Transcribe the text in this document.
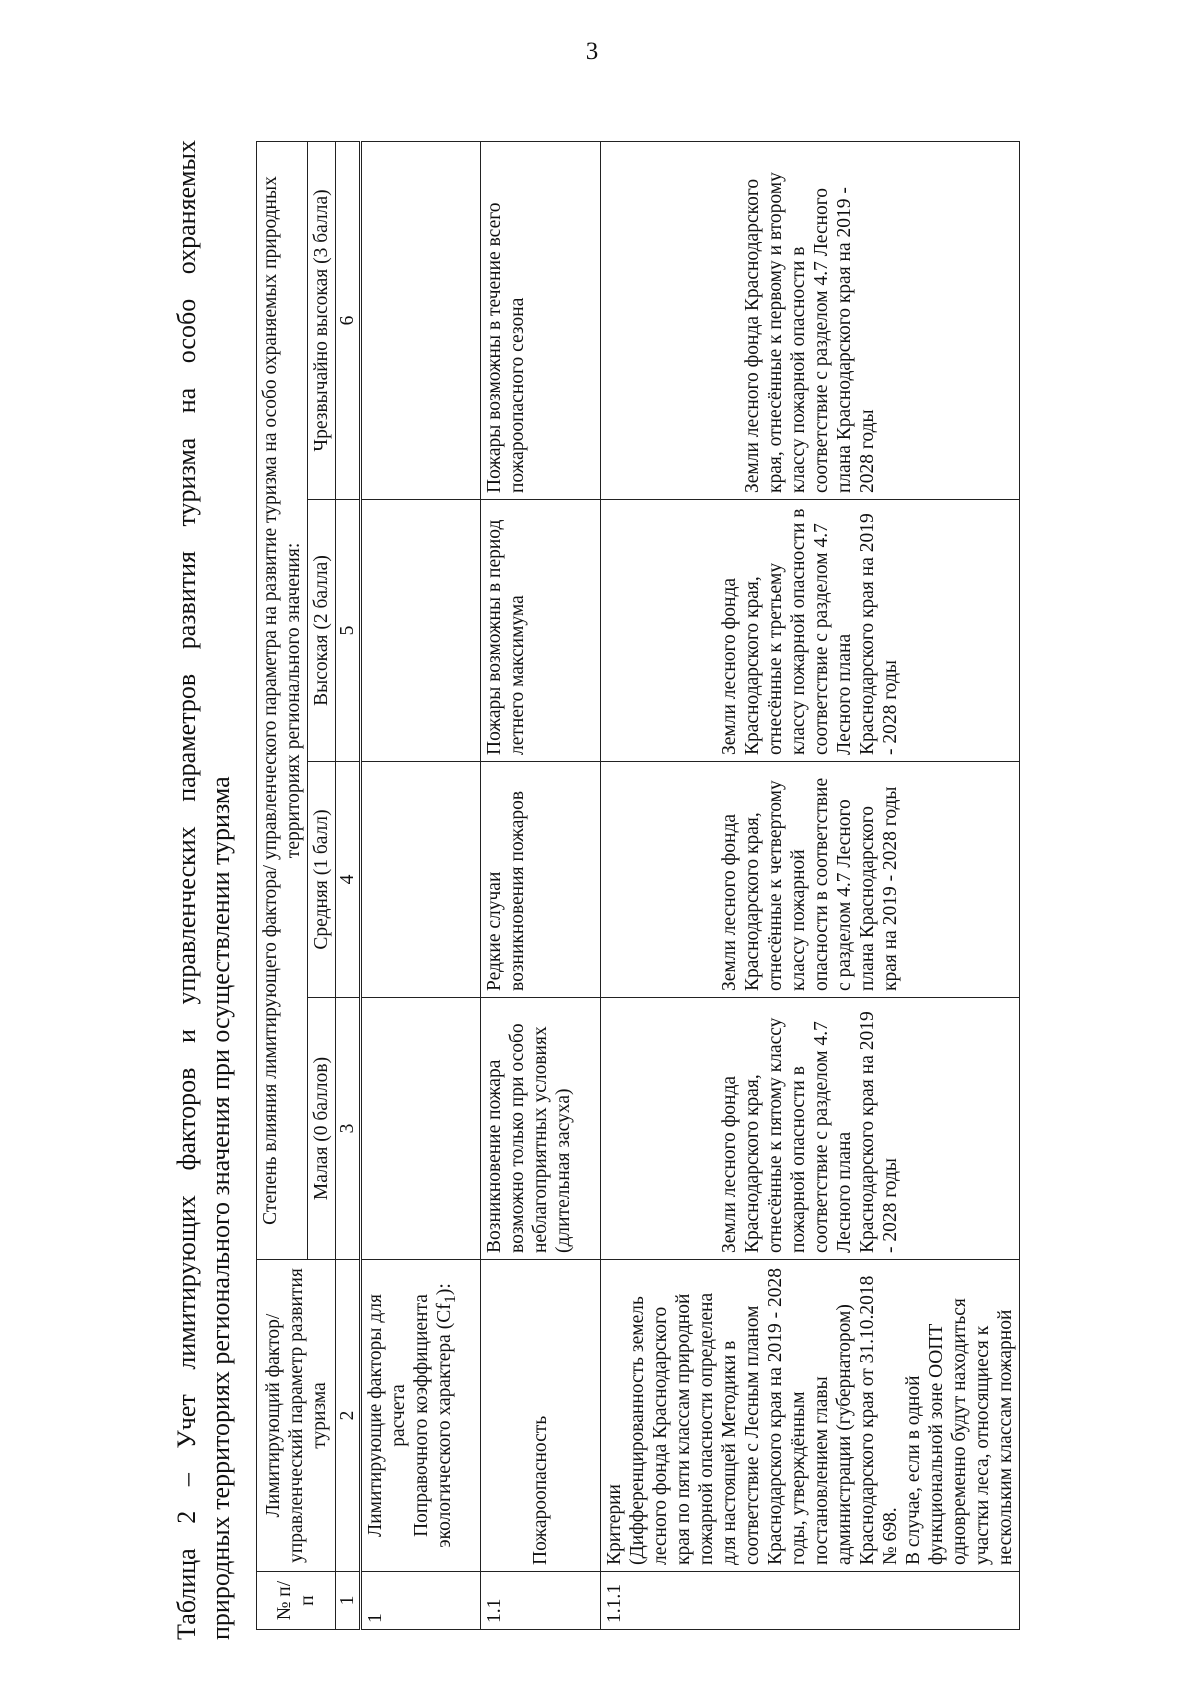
3
Таблица 2 – Учет лимитирующих факторов и управленческих параметров развития туризма на особо охраняемых природных территориях регионального значения при осуществлении туризма № п/п	Лимитирующий фактор/управленческий параметр развития туризма	Степень влияния лимитирующего фактора/ управленческого параметра на развитие туризма на особо охраняемых природных территориях регионального значения:			
		Малая (0 баллов)	Средняя (1 балл)	Высокая (2 балла)	Чрезвычайно высокая (3 балла)
1	2	3	4	5	6
1	Лимитирующие факторы для расчета Поправочного коэффициента экологического характера $(Cf_1)$:				

1.1	Пожароопасность	Возникновение пожара возможно только при особо неблагоприятных условиях (длительная засуха)	Редкие случаи возникновения пожаров	Пожары возможны в период летнего максимума	Пожары возможны в течение всего пожароопасного сезона
1.1.1	Критерии (Дифференцированность земель лесного фонда Краснодарского края по пяти классам природной пожарной опасности определена для настоящей Методики в соответствие с Лесным планом Краснодарского края на 2019 - 2028 годы, утверждённым постановлением главы администрации (губернатором) Краснодарского края от 31.10.2018 № 698. В случае, если в одной функциональной зоне ООПТ одновременно будут находиться участки леса, относящиеся к нескольким классам пожарной	Земли лесного фонда Краснодарского края, отнесённые к пятому классу пожарной опасности в соответствие с разделом 4.7 Лесного плана Краснодарского края на 2019 - 2028 годы	Земли лесного фонда Краснодарского края, отнесённые к четвертому классу пожарной опасности в соответствие с разделом 4.7 Лесного плана Краснодарского края на 2019 - 2028 годы	Земли лесного фонда Краснодарского края, отнесённые к третьему классу пожарной опасности в соответствие с разделом 4.7 Лесного плана Краснодарского края на 2019 - 2028 годы	Земли лесного фонда Краснодарского края, отнесённые к первому и второму классу пожарной опасности в соответствие с разделом 4.7 Лесного плана Краснодарского края на 2019 - 2028 годы
